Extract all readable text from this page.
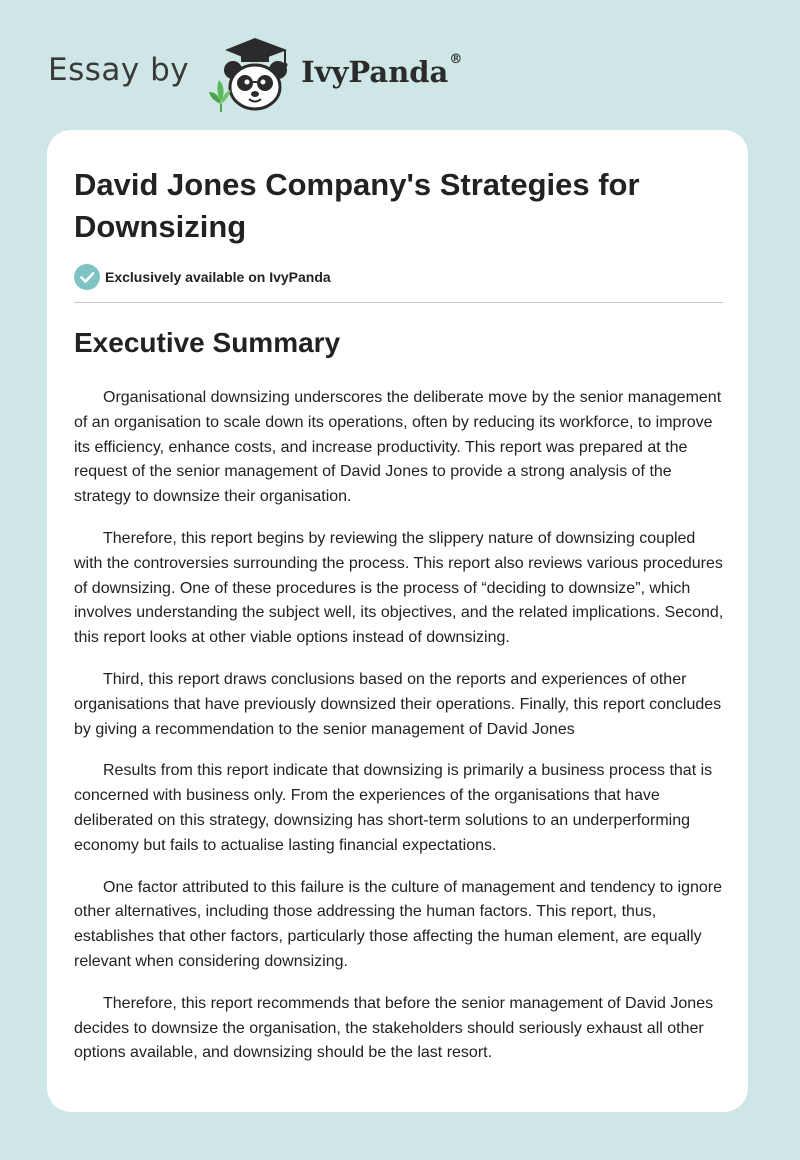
Essay by	IvyPanda®
David Jones Company's Strategies for Downsizing
Exclusively available on IvyPanda
Executive Summary

Organisational downsizing underscores the deliberate move by the senior management of an organisation to scale down its operations, often by reducing its workforce, to improve its efficiency, enhance costs, and increase productivity. This report was prepared at the request of the senior management of David Jones to provide a strong analysis of the strategy to downsize their organisation.

Therefore, this report begins by reviewing the slippery nature of downsizing coupled with the controversies surrounding the process. This report also reviews various procedures of downsizing. One of these procedures is the process of “deciding to downsize”, which involves understanding the subject well, its objectives, and the related implications. Second, this report looks at other viable options instead of downsizing.

Third, this report draws conclusions based on the reports and experiences of other organisations that have previously downsized their operations. Finally, this report concludes by giving a recommendation to the senior management of David Jones

Results from this report indicate that downsizing is primarily a business process that is concerned with business only. From the experiences of the organisations that have deliberated on this strategy, downsizing has short-term solutions to an underperforming economy but fails to actualise lasting financial expectations.

One factor attributed to this failure is the culture of management and tendency to ignore other alternatives, including those addressing the human factors. This report, thus, establishes that other factors, particularly those affecting the human element, are equally relevant when considering downsizing.

Therefore, this report recommends that before the senior management of David Jones decides to downsize the organisation, the stakeholders should seriously exhaust all other options available, and downsizing should be the last resort.
